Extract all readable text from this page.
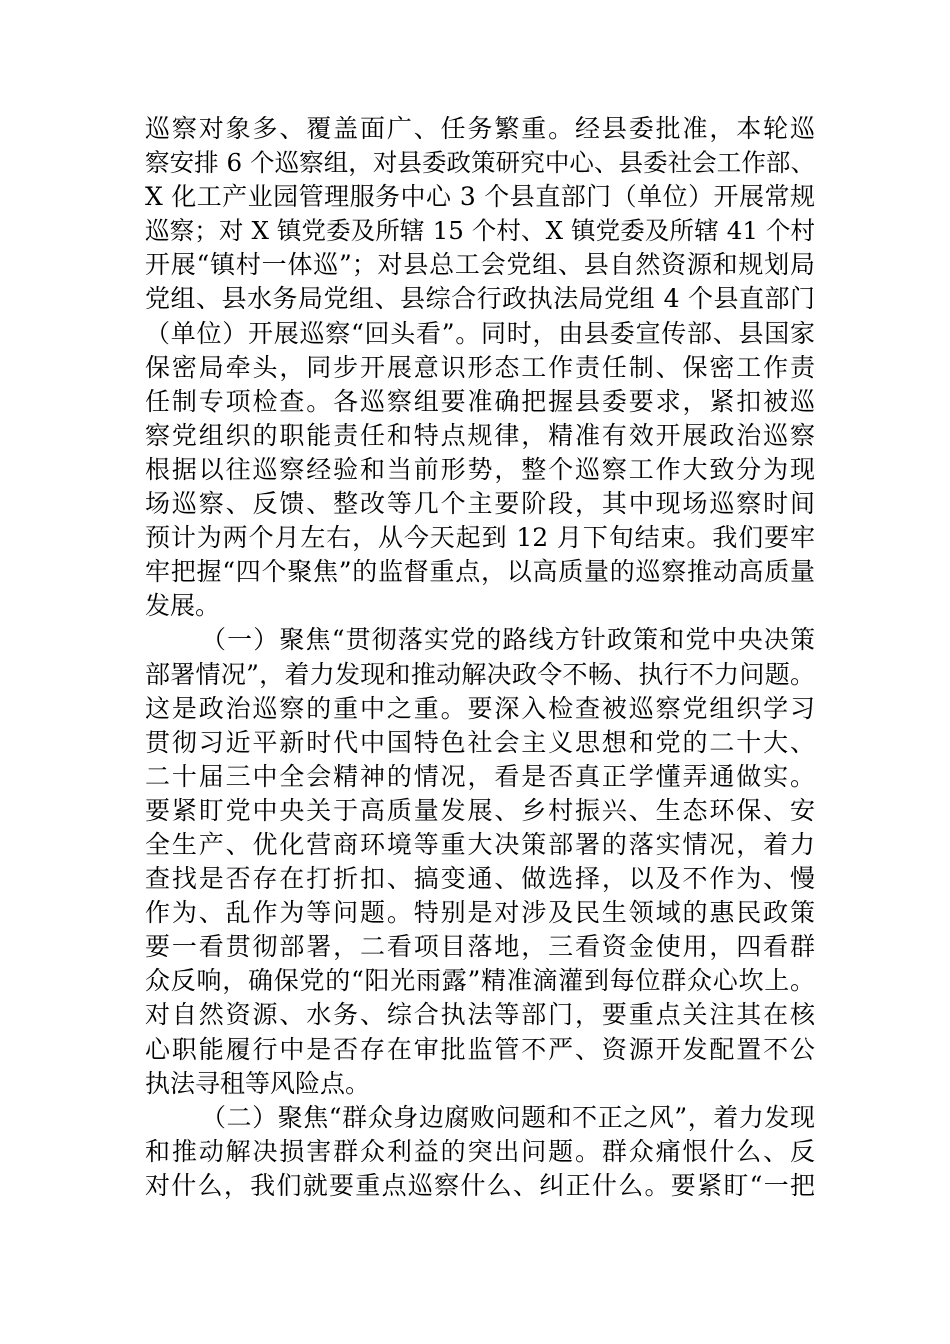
巡察对象多、覆盖面广、任务繁重。经县委批准，本轮巡
察安排 6 个巡察组，对县委政策研究中心、县委社会工作部、
X 化工产业园管理服务中心 3 个县直部门（单位）开展常规
巡察；对 X 镇党委及所辖 15 个村、X 镇党委及所辖 41 个村
开展“镇村一体巡”；对县总工会党组、县自然资源和规划局
党组、县水务局党组、县综合行政执法局党组 4 个县直部门
（单位）开展巡察“回头看”。同时，由县委宣传部、县国家
保密局牵头，同步开展意识形态工作责任制、保密工作责
任制专项检查。各巡察组要准确把握县委要求，紧扣被巡
察党组织的职能责任和特点规律，精准有效开展政治巡察
根据以往巡察经验和当前形势，整个巡察工作大致分为现
场巡察、反馈、整改等几个主要阶段，其中现场巡察时间
预计为两个月左右，从今天起到 12 月下旬结束。我们要牢
牢把握“四个聚焦”的监督重点，以高质量的巡察推动高质量
发展。
（一）聚焦“贯彻落实党的路线方针政策和党中央决策
部署情况”，着力发现和推动解决政令不畅、执行不力问题。
这是政治巡察的重中之重。要深入检查被巡察党组织学习
贯彻习近平新时代中国特色社会主义思想和党的二十大、
二十届三中全会精神的情况，看是否真正学懂弄通做实。
要紧盯党中央关于高质量发展、乡村振兴、生态环保、安
全生产、优化营商环境等重大决策部署的落实情况，着力
查找是否存在打折扣、搞变通、做选择，以及不作为、慢
作为、乱作为等问题。特别是对涉及民生领域的惠民政策
要一看贯彻部署，二看项目落地，三看资金使用，四看群
众反响，确保党的“阳光雨露”精准滴灌到每位群众心坎上。
对自然资源、水务、综合执法等部门，要重点关注其在核
心职能履行中是否存在审批监管不严、资源开发配置不公
执法寻租等风险点。
（二）聚焦“群众身边腐败问题和不正之风”，着力发现
和推动解决损害群众利益的突出问题。群众痛恨什么、反
对什么，我们就要重点巡察什么、纠正什么。要紧盯“一把
